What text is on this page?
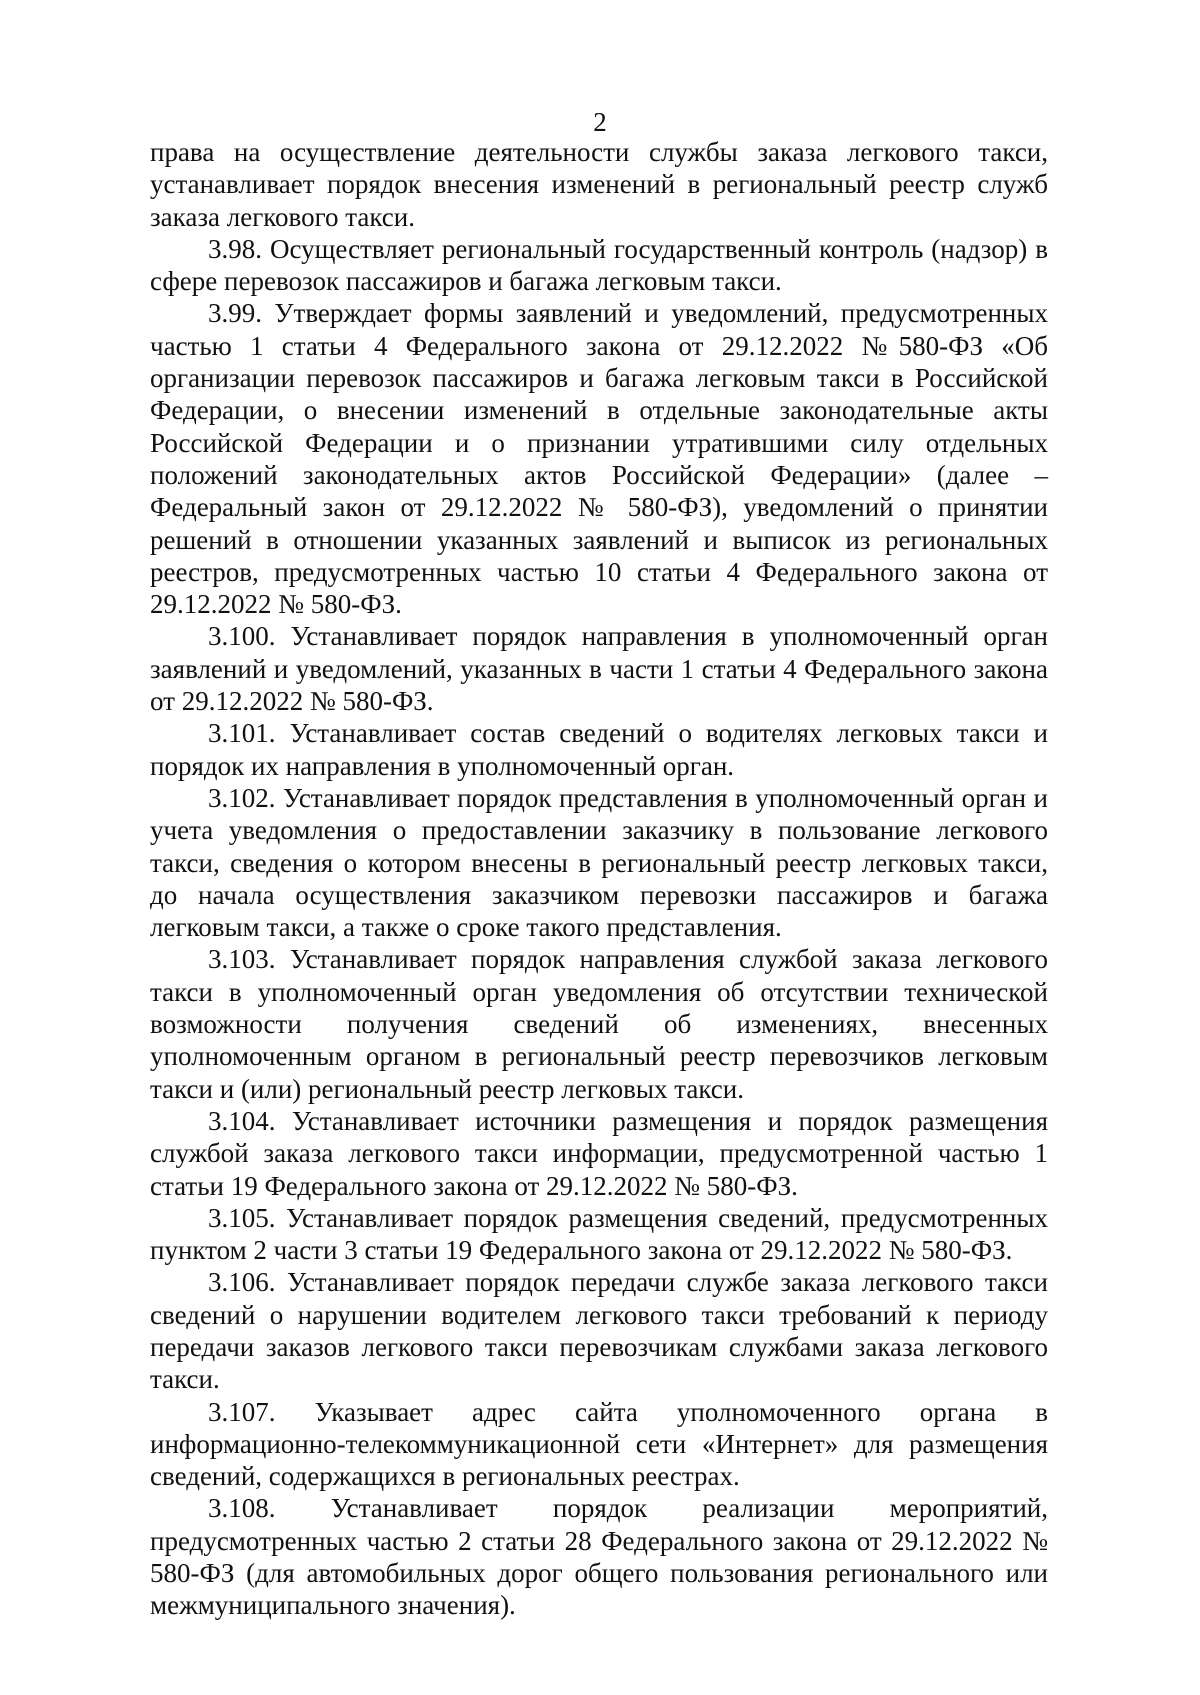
2

права на осуществление деятельности службы заказа легкового такси, устанавливает порядок внесения изменений в региональный реестр служб заказа легкового такси.

3.98. Осуществляет региональный государственный контроль (надзор) в сфере перевозок пассажиров и багажа легковым такси.

3.99. Утверждает формы заявлений и уведомлений, предусмотренных частью 1 статьи 4 Федерального закона от 29.12.2022 №580-ФЗ «Об организации перевозок пассажиров и багажа легковым такси в Российской Федерации, о внесении изменений в отдельные законодательные акты Российской Федерации и о признании утратившими силу отдельных положений законодательных актов Российской Федерации» (далее – Федеральный закон от 29.12.2022 № 580-ФЗ), уведомлений о принятии решений в отношении указанных заявлений и выписок из региональных реестров, предусмотренных частью 10 статьи 4 Федерального закона от 29.12.2022 № 580-ФЗ.

3.100. Устанавливает порядок направления в уполномоченный орган заявлений и уведомлений, указанных в части 1 статьи 4 Федерального закона от 29.12.2022 № 580-ФЗ.

3.101. Устанавливает состав сведений о водителях легковых такси и порядок их направления в уполномоченный орган.

3.102. Устанавливает порядок представления в уполномоченный орган и учета уведомления о предоставлении заказчику в пользование легкового такси, сведения о котором внесены в региональный реестр легковых такси, до начала осуществления заказчиком перевозки пассажиров и багажа легковым такси, а также о сроке такого представления.

3.103. Устанавливает порядок направления службой заказа легкового такси в уполномоченный орган уведомления об отсутствии технической возможности получения сведений об изменениях, внесенных уполномоченным органом в региональный реестр перевозчиков легковым такси и (или) региональный реестр легковых такси.

3.104. Устанавливает источники размещения и порядок размещения службой заказа легкового такси информации, предусмотренной частью 1 статьи 19 Федерального закона от 29.12.2022 № 580-ФЗ.

3.105. Устанавливает порядок размещения сведений, предусмотренных пунктом 2 части 3 статьи 19 Федерального закона от 29.12.2022 № 580-ФЗ.

3.106. Устанавливает порядок передачи службе заказа легкового такси сведений о нарушении водителем легкового такси требований к периоду передачи заказов легкового такси перевозчикам службами заказа легкового такси.

3.107. Указывает адрес сайта уполномоченного органа в информационно-телекоммуникационной сети «Интернет» для размещения сведений, содержащихся в региональных реестрах.

3.108. Устанавливает порядок реализации мероприятий, предусмотренных частью 2 статьи 28 Федерального закона от 29.12.2022 № 580-ФЗ (для автомобильных дорог общего пользования регионального или межмуниципального значения).
